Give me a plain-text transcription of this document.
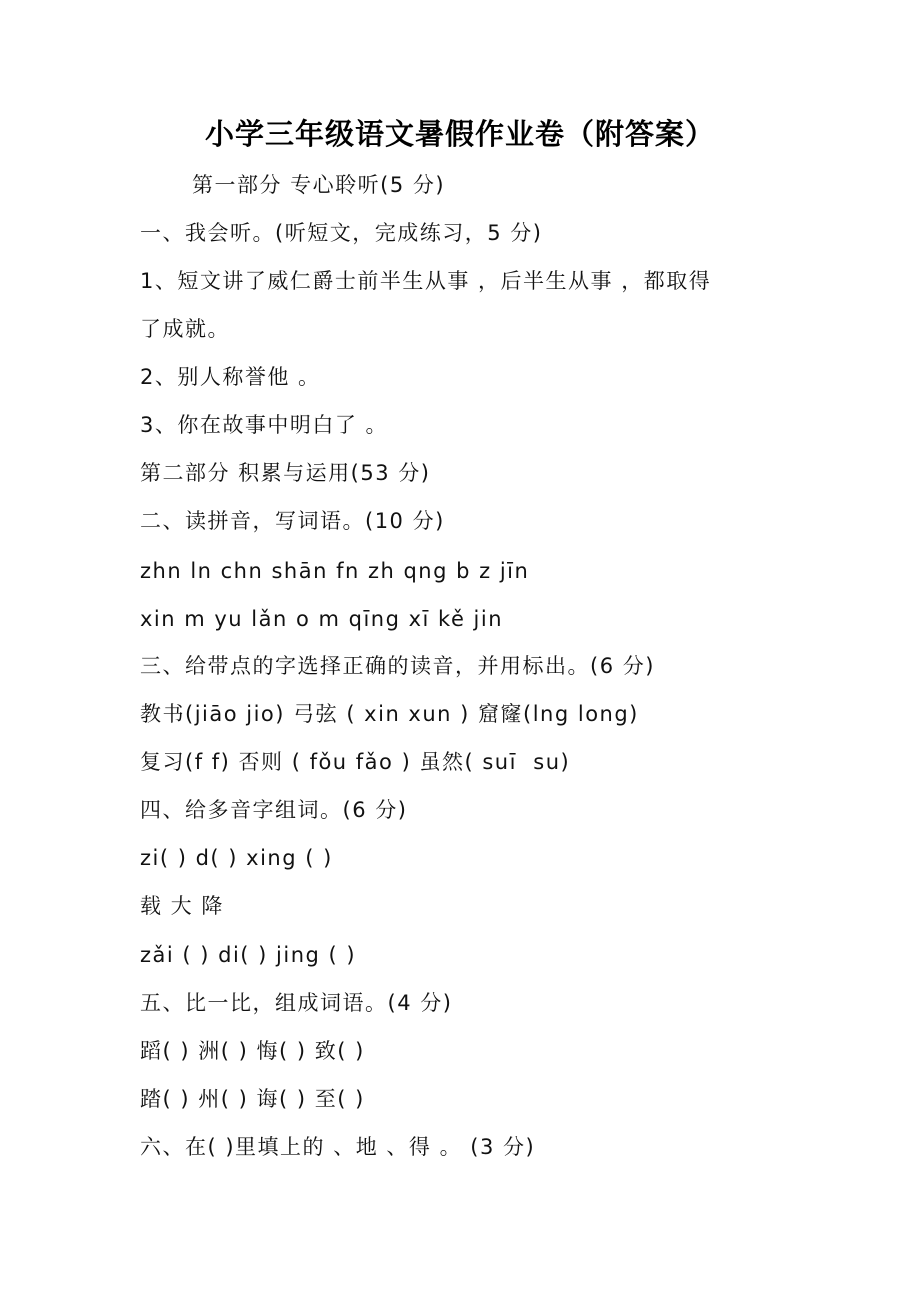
小学三年级语文暑假作业卷（附答案）
第一部分 专心聆听(5 分)
一、我会听。(听短文，完成练习，5 分)
1、短文讲了威仁爵士前半生从事 ，后半生从事 ，都取得
了成就。
2、别人称誉他 。
3、你在故事中明白了 。
第二部分 积累与运用(53 分)
二、读拼音，写词语。(10 分)
zhn ln chn shān fn zh qng b z jīn
xin m yu lǎn o m qīng xī kě jin
三、给带点的字选择正确的读音，并用标出。(6 分)
教书(jiāo jio) 弓弦 ( xin xun ) 窟窿(lng long)
复习(f f) 否则 ( fǒu fǎo ) 虽然( suī  su)
四、给多音字组词。(6 分)
zi( ) d( ) xing ( )
载 大 降
zǎi ( ) di( ) jing ( )
五、比一比，组成词语。(4 分)
蹈( ) 洲( ) 悔( ) 致( )
踏( ) 州( ) 诲( ) 至( )
六、在( )里填上的 、地 、得 。 (3 分)
